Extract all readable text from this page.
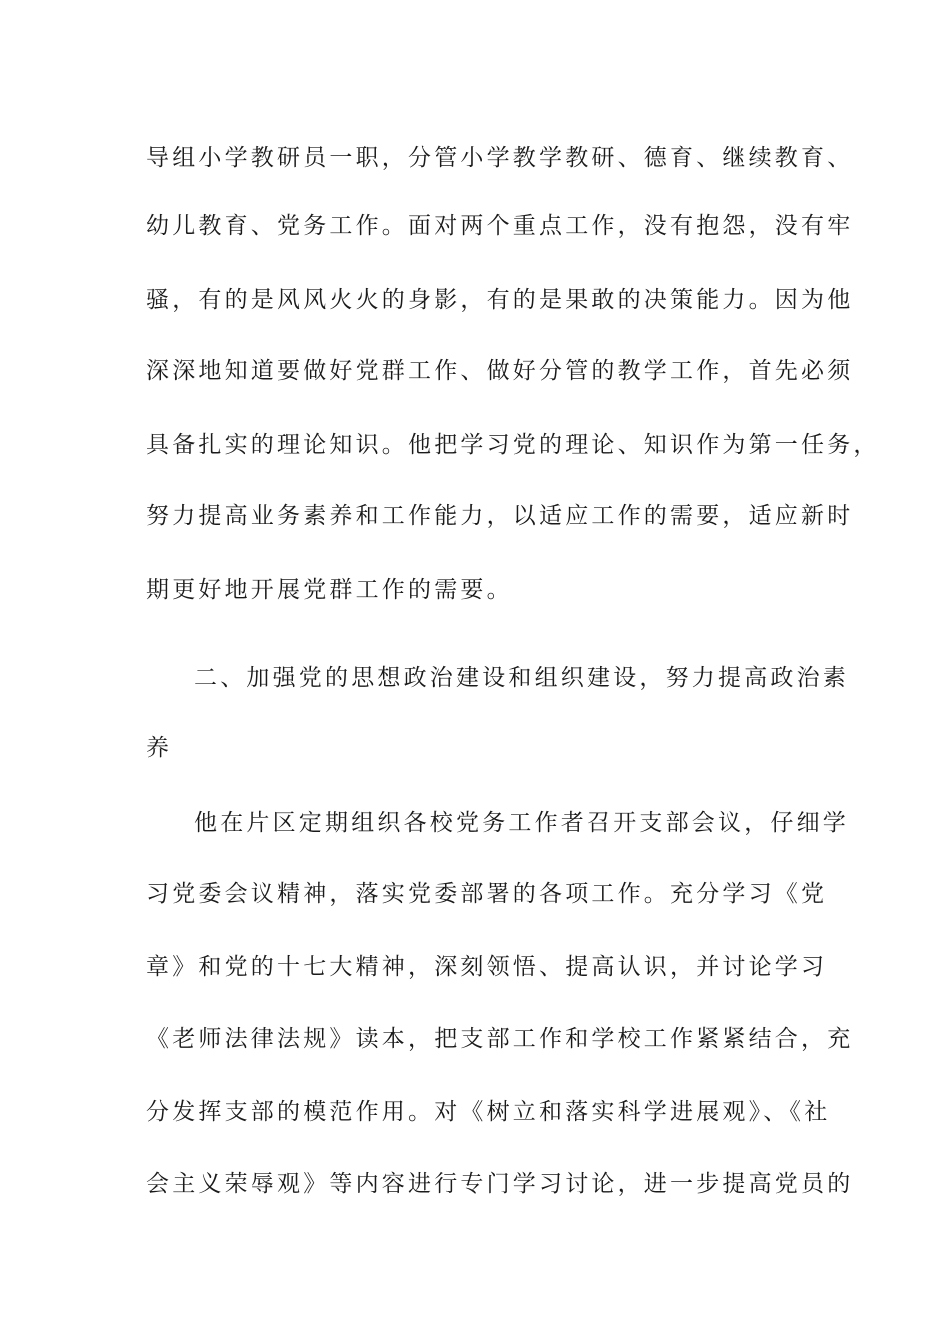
导组小学教研员一职，分管小学教学教研、德育、继续教育、
幼儿教育、党务工作。面对两个重点工作，没有抱怨，没有牢
骚，有的是风风火火的身影，有的是果敢的决策能力。因为他
深深地知道要做好党群工作、做好分管的教学工作，首先必须
具备扎实的理论知识。他把学习党的理论、知识作为第一任务，
努力提高业务素养和工作能力，以适应工作的需要，适应新时
期更好地开展党群工作的需要。
二、加强党的思想政治建设和组织建设，努力提高政治素
养
他在片区定期组织各校党务工作者召开支部会议，仔细学
习党委会议精神，落实党委部署的各项工作。充分学习《党
章》和党的十七大精神，深刻领悟、提高认识，并讨论学习
《老师法律法规》读本，把支部工作和学校工作紧紧结合，充
分发挥支部的模范作用。对《树立和落实科学进展观》、《社
会主义荣辱观》等内容进行专门学习讨论，进一步提高党员的
